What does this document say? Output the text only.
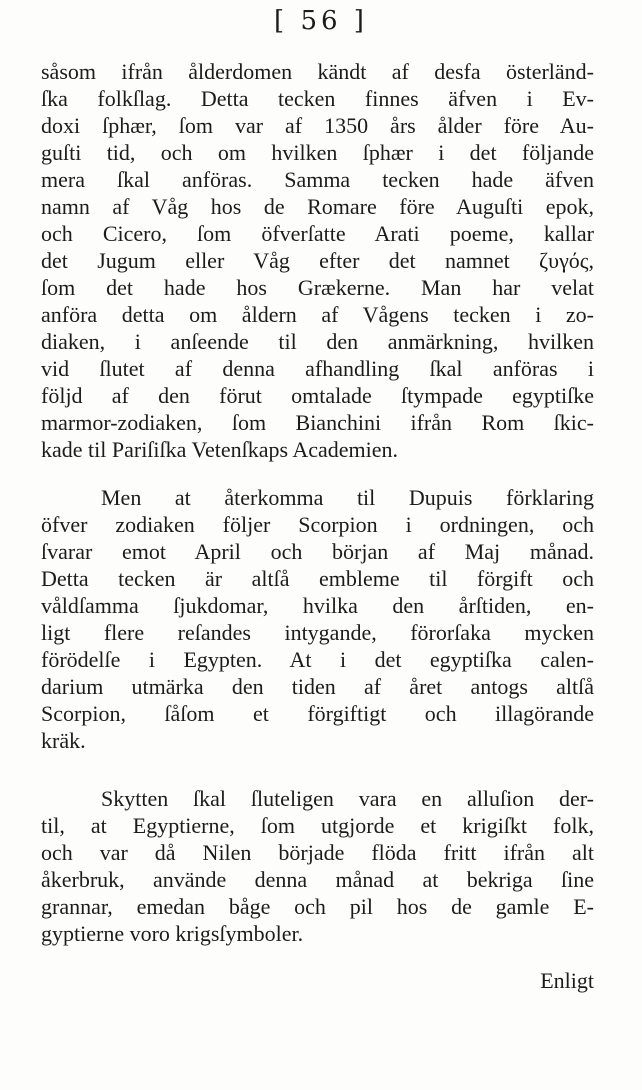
[ 56 ]
såsom ifrån ålderdomen kändt af desfa österländ-
ſka folkſlag. Detta tecken finnes äfven i Ev-
doxi ſphær, ſom var af 1350 års ålder före Au-
guſti tid, och om hvilken ſphær i det följande
mera ſkal anföras. Samma tecken hade äfven
namn af Våg hos de Romare före Auguſti epok,
och Cicero, ſom öfverſatte Arati poeme, kallar
det Jugum eller Våg efter det namnet ζυγός,
ſom det hade hos Grækerne. Man har velat
anföra detta om åldern af Vågens tecken i zo-
diaken, i anſeende til den anmärkning, hvilken
vid ſlutet af denna afhandling ſkal anföras i
följd af den förut omtalade ſtympade egyptiſke
marmor-zodiaken, ſom Bianchini ifrån Rom ſkic-
kade til Pariſiſka Vetenſkaps Academien.
Men at återkomma til Dupuis förklaring
öfver zodiaken följer Scorpion i ordningen, och
ſvarar emot April och början af Maj månad.
Detta tecken är altſå embleme til förgift och
våldſamma ſjukdomar, hvilka den årſtiden, en-
ligt flere reſandes intygande, förorſaka mycken
förödelſe i Egypten. At i det egyptiſka calen-
darium utmärka den tiden af året antogs altſå
Scorpion, ſåſom et förgiftigt och illagörande
kräk.
Skytten ſkal ſluteligen vara en alluſion der-
til, at Egyptierne, ſom utgjorde et krigiſkt folk,
och var då Nilen började flöda fritt ifrån alt
åkerbruk, använde denna månad at bekriga ſine
grannar, emedan båge och pil hos de gamle E-
gyptierne voro krigsſymboler.
Enligt
